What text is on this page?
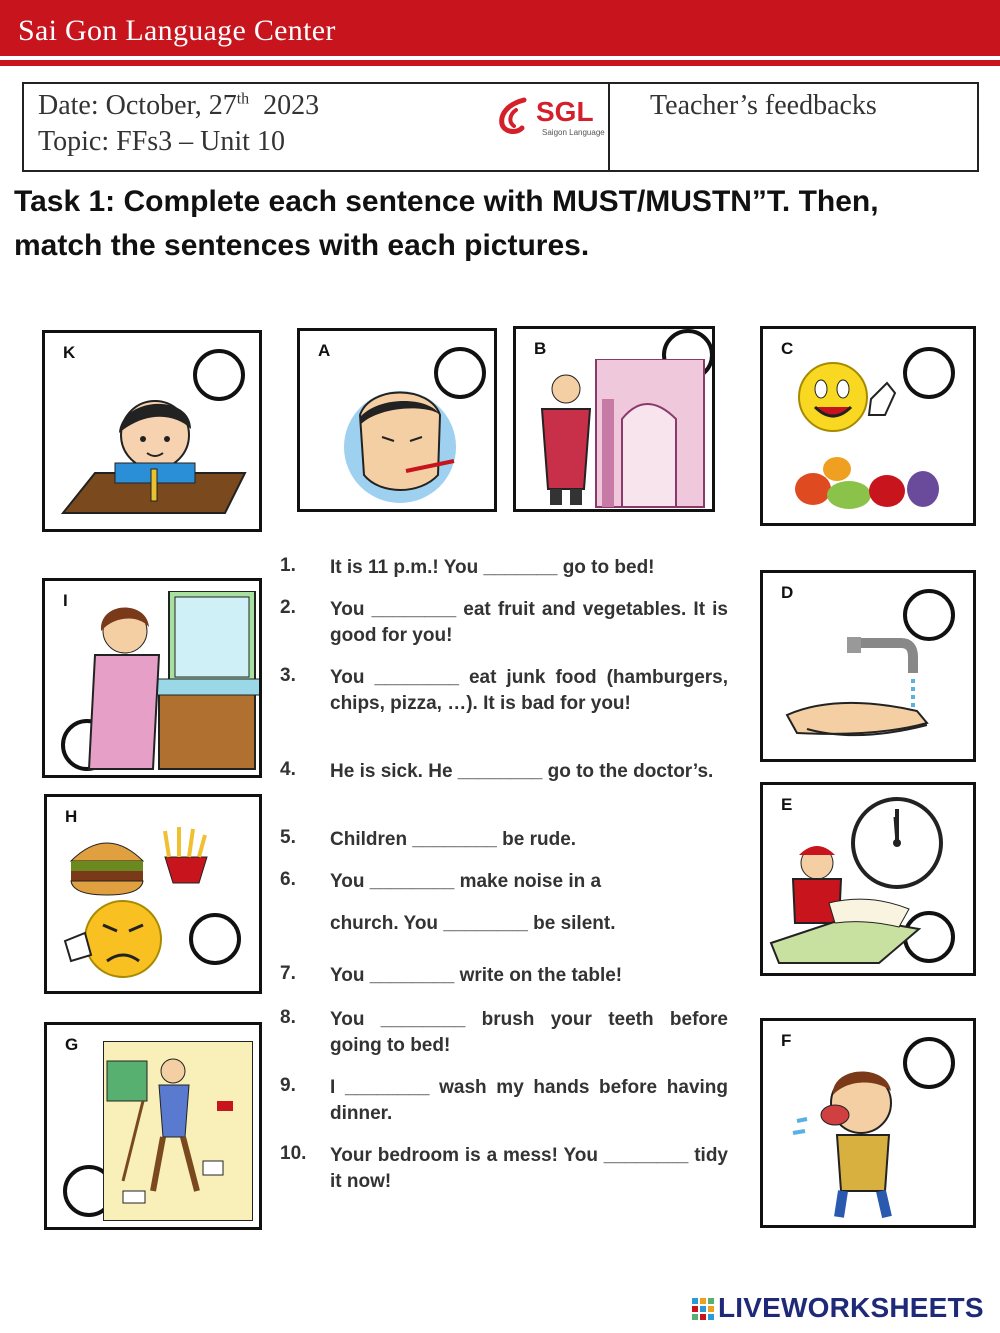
Sai Gon Language Center
Date: October, 27th 2023
Topic: FFs3 – Unit 10
SGL
Saigon Language
Teacher’s feedbacks
Task 1: Complete each sentence with MUST/MUSTN”T. Then, match the sentences with each pictures.
K	A	B	C
I	D
H
E
G	F
1.	It is 11 p.m.! You _______ go to bed!
2.	You ________ eat fruit and vegetables. It is good for you!
3.	You ________ eat junk food (hamburgers, chips, pizza, …). It is bad for you!
4.	He is sick. He ________ go to the doctor’s.
5.	Children ________ be rude.
6.	You ________ make noise in a
church. You ________ be silent.
7.	You ________ write on the table!
8.	You ________ brush your teeth before going to bed!
9.	I ________ wash my hands before having dinner.
10.	Your bedroom is a mess! You ________ tidy it now!
LIVEWORKSHEETS
